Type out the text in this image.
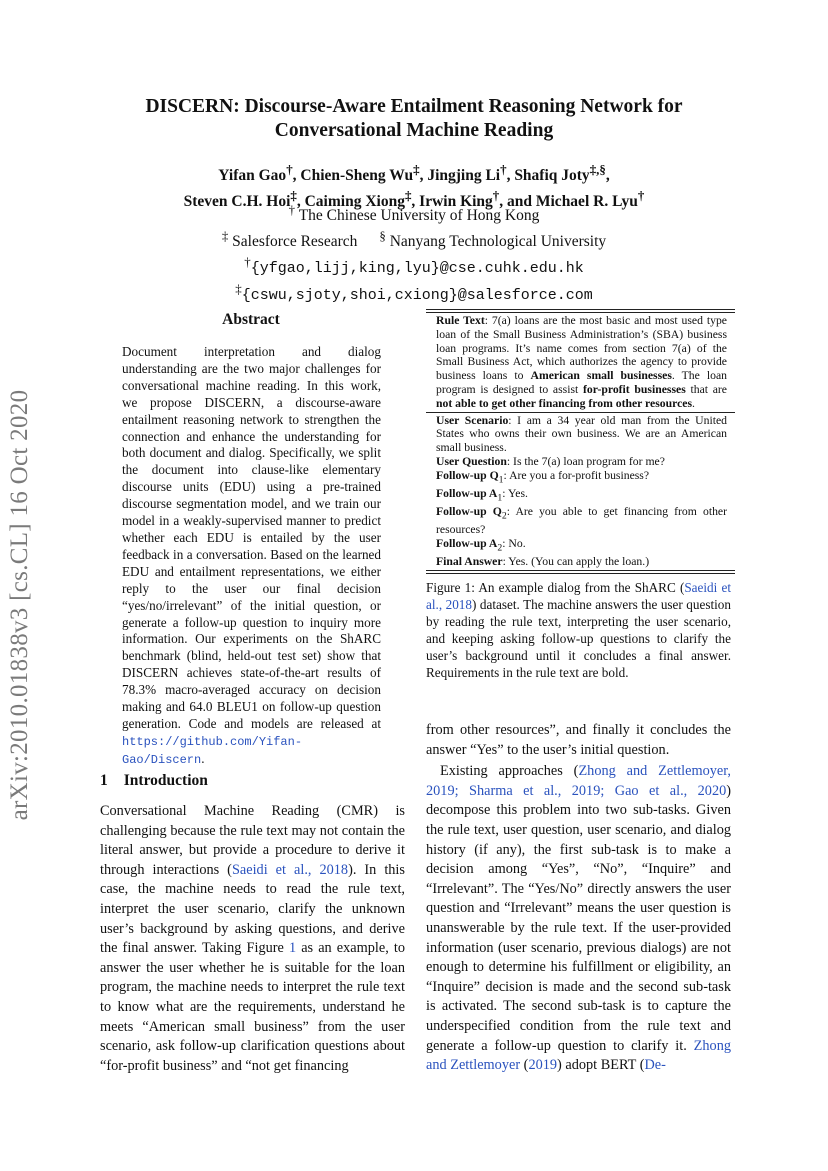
arXiv:2010.01838v3 [cs.CL] 16 Oct 2020
DISCERN: Discourse-Aware Entailment Reasoning Network for
Conversational Machine Reading
Yifan Gao†, Chien-Sheng Wu‡, Jingjing Li†, Shafiq Joty‡,§,
Steven C.H. Hoi‡, Caiming Xiong‡, Irwin King†, and Michael R. Lyu†
† The Chinese University of Hong Kong
‡ Salesforce Research § Nanyang Technological University
†{yfgao,lijj,king,lyu}@cse.cuhk.edu.hk
‡{cswu,sjoty,shoi,cxiong}@salesforce.com
Abstract
Document interpretation and dialog understanding are the two major challenges for conversational machine reading. In this work, we propose DISCERN, a discourse-aware entailment reasoning network to strengthen the connection and enhance the understanding for both document and dialog. Specifically, we split the document into clause-like elementary discourse units (EDU) using a pre-trained discourse segmentation model, and we train our model in a weakly-supervised manner to predict whether each EDU is entailed by the user feedback in a conversation. Based on the learned EDU and entailment representations, we either reply to the user our final decision “yes/no/irrelevant” of the initial question, or generate a follow-up question to inquiry more information. Our experiments on the ShARC benchmark (blind, held-out test set) show that DISCERN achieves state-of-the-art results of 78.3% macro-averaged accuracy on decision making and 64.0 BLEU1 on follow-up question generation. Code and models are released at https://github.com/Yifan-Gao/Discern.
1 Introduction
Conversational Machine Reading (CMR) is challenging because the rule text may not contain the literal answer, but provide a procedure to derive it through interactions (Saeidi et al., 2018). In this case, the machine needs to read the rule text, interpret the user scenario, clarify the unknown user’s background by asking questions, and derive the final answer. Taking Figure 1 as an example, to answer the user whether he is suitable for the loan program, the machine needs to interpret the rule text to know what are the requirements, understand he meets “American small business” from the user scenario, ask follow-up clarification questions about “for-profit business” and “not get financing
Rule Text: 7(a) loans are the most basic and most used type loan of the Small Business Administration’s (SBA) business loan programs. It’s name comes from section 7(a) of the Small Business Act, which authorizes the agency to provide business loans to American small businesses. The loan program is designed to assist for-profit businesses that are not able to get other financing from other resources.
User Scenario: I am a 34 year old man from the United States who owns their own business. We are an American small business.
User Question: Is the 7(a) loan program for me?
Follow-up $Q_1$: Are you a for-profit business?
Follow-up $A_1$: Yes.
Follow-up $Q_2$: Are you able to get financing from other resources?
Follow-up $A_2$: No.
Final Answer: Yes. (You can apply the loan.)
Figure 1: An example dialog from the ShARC (Saeidi et al., 2018) dataset. The machine answers the user question by reading the rule text, interpreting the user scenario, and keeping asking follow-up questions to clarify the user’s background until it concludes a final answer. Requirements in the rule text are bold.

from other resources”, and finally it concludes the answer “Yes” to the user’s initial question.

Existing approaches (Zhong and Zettlemoyer, 2019; Sharma et al., 2019; Gao et al., 2020) decompose this problem into two sub-tasks. Given the rule text, user question, user scenario, and dialog history (if any), the first sub-task is to make a decision among “Yes”, “No”, “Inquire” and “Irrelevant”. The “Yes/No” directly answers the user question and “Irrelevant” means the user question is unanswerable by the rule text. If the user-provided information (user scenario, previous dialogs) are not enough to determine his fulfillment or eligibility, an “Inquire” decision is made and the second sub-task is activated. The second sub-task is to capture the underspecified condition from the rule text and generate a follow-up question to clarify it. Zhong and Zettlemoyer (2019) adopt BERT (De-
